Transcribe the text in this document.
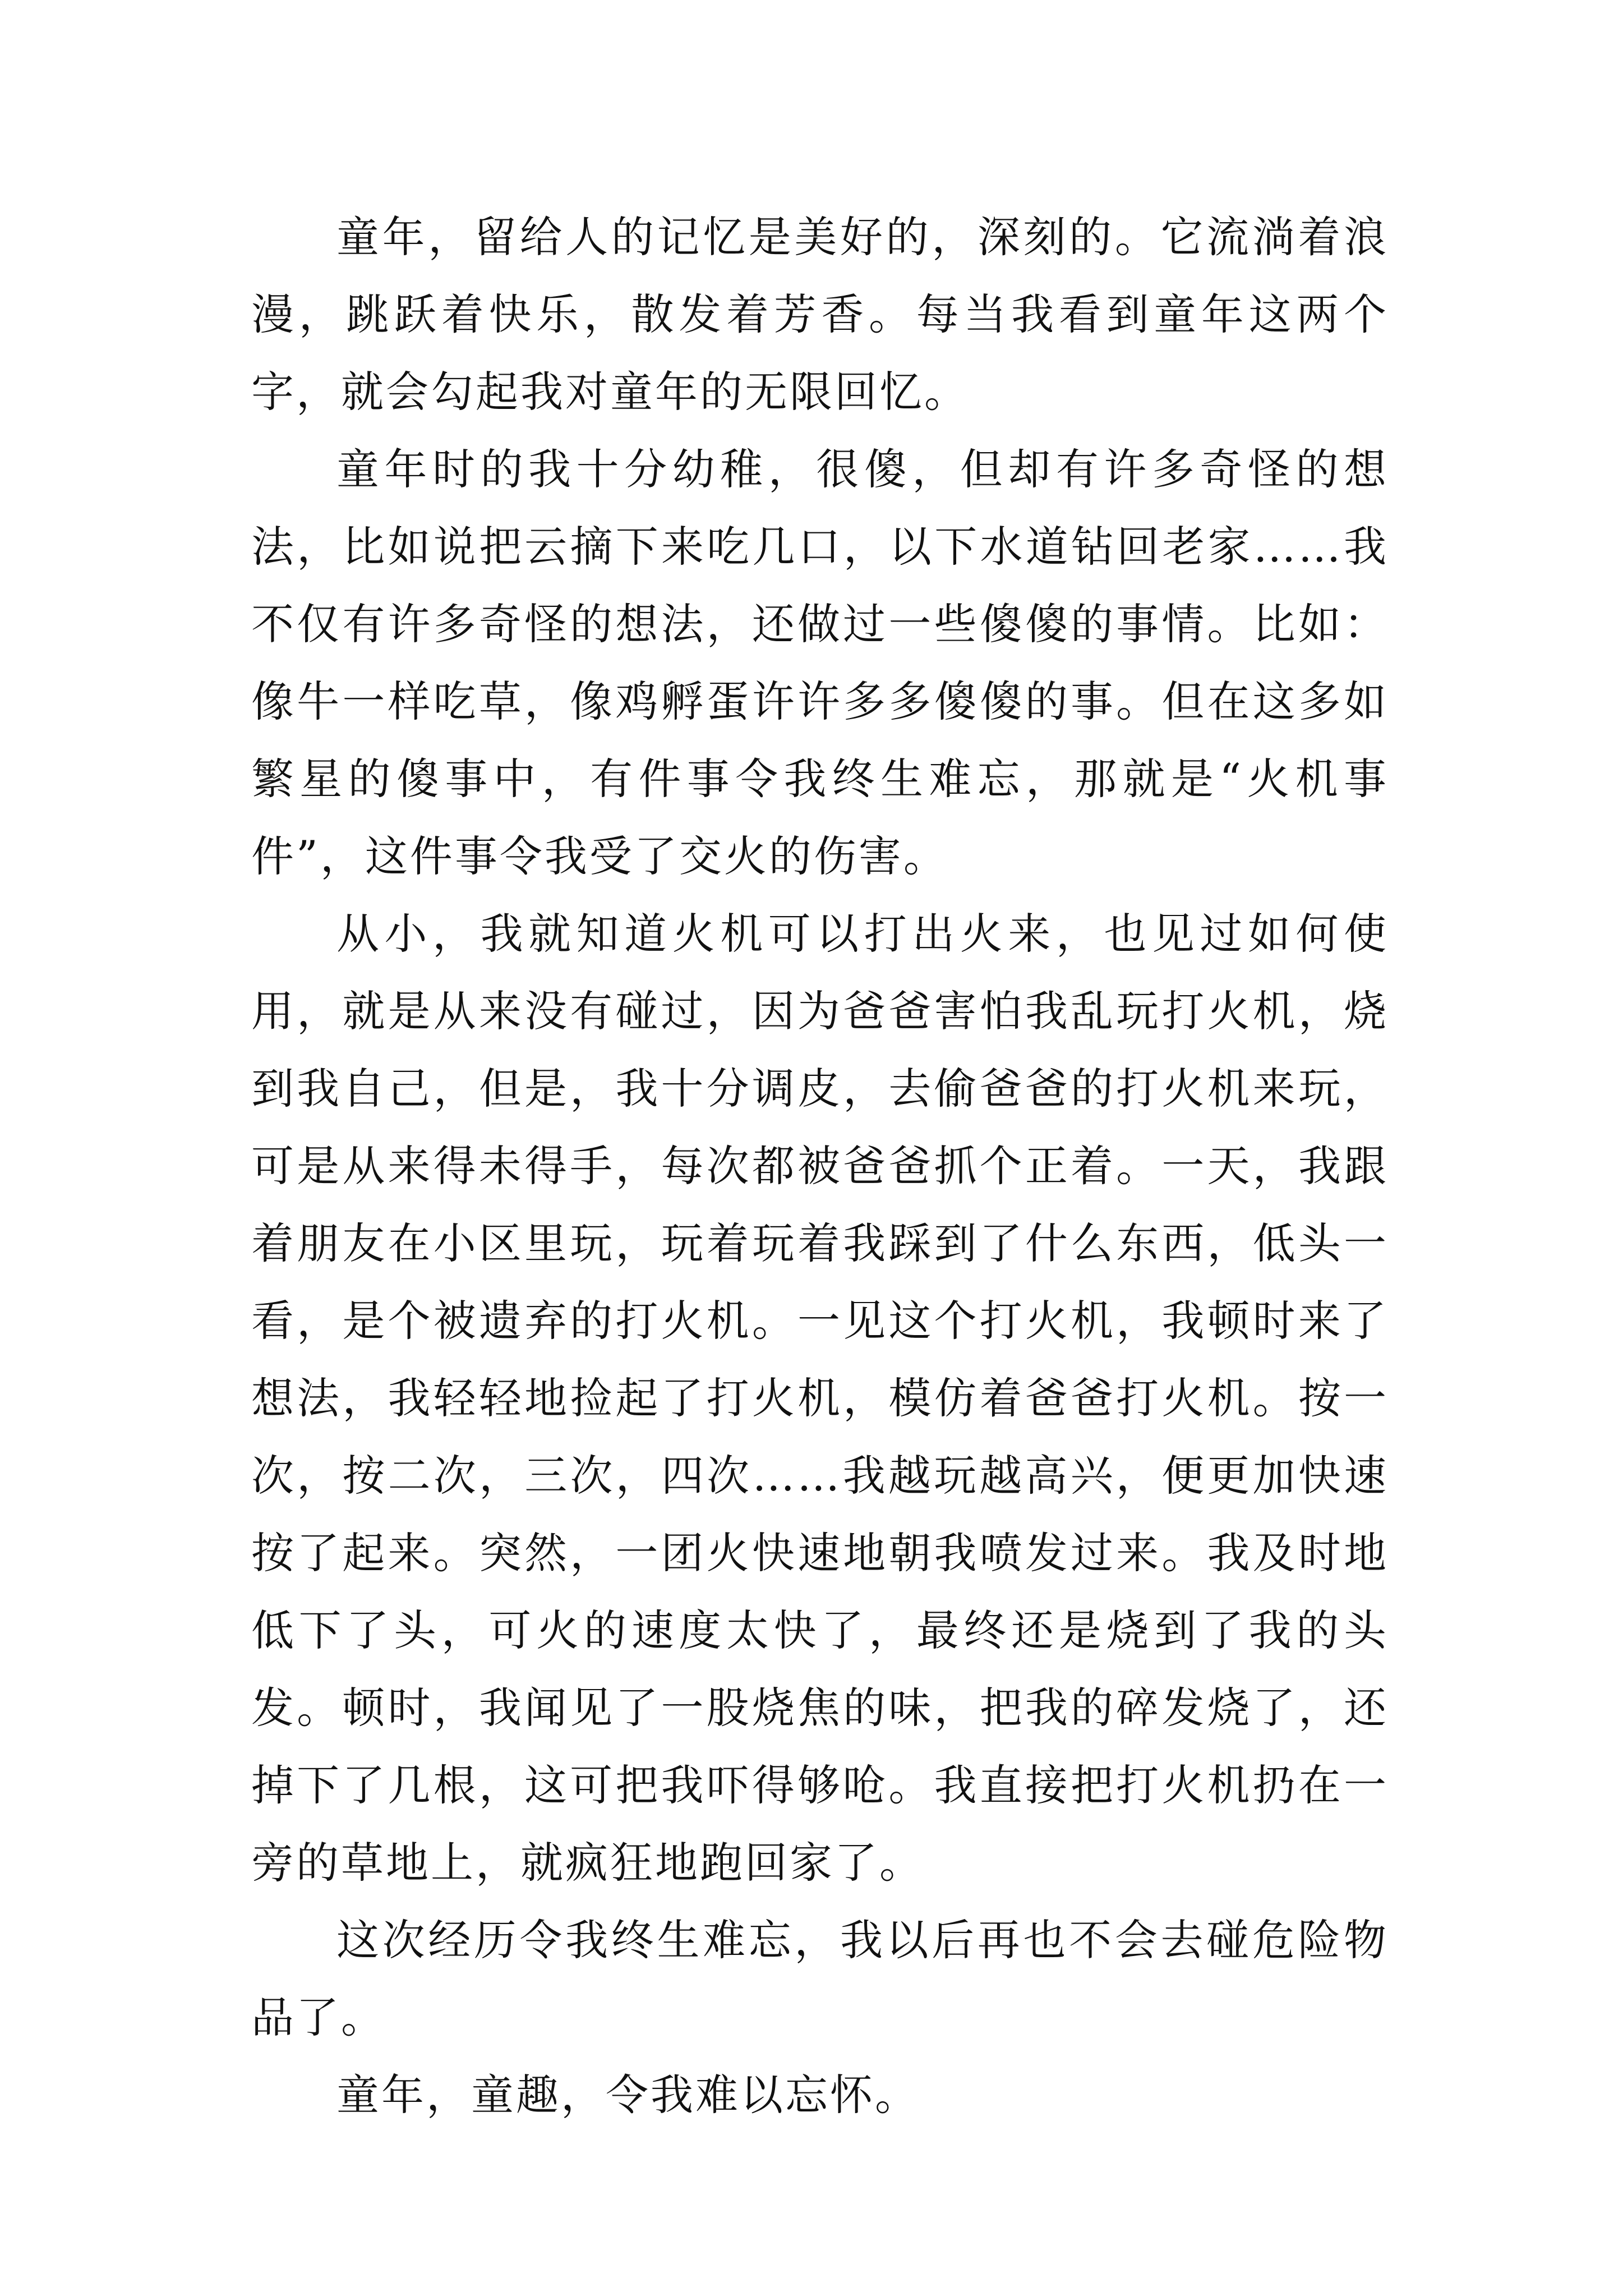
童年，留给人的记忆是美好的，深刻的。它流淌着浪漫，跳跃着快乐，散发着芳香。每当我看到童年这两个字，就会勾起我对童年的无限回忆。

童年时的我十分幼稚，很傻，但却有许多奇怪的想法，比如说把云摘下来吃几口，以下水道钻回老家……我不仅有许多奇怪的想法，还做过一些傻傻的事情。比如：像牛一样吃草，像鸡孵蛋许许多多傻傻的事。但在这多如繁星的傻事中，有件事令我终生难忘，那就是“火机事件”，这件事令我受了交火的伤害。

从小，我就知道火机可以打出火来，也见过如何使用，就是从来没有碰过，因为爸爸害怕我乱玩打火机，烧到我自己，但是，我十分调皮，去偷爸爸的打火机来玩，可是从来得未得手，每次都被爸爸抓个正着。一天，我跟着朋友在小区里玩，玩着玩着我踩到了什么东西，低头一看，是个被遗弃的打火机。一见这个打火机，我顿时来了想法，我轻轻地捡起了打火机，模仿着爸爸打火机。按一次，按二次，三次，四次……我越玩越高兴，便更加快速按了起来。突然，一团火快速地朝我喷发过来。我及时地低下了头，可火的速度太快了，最终还是烧到了我的头发。顿时，我闻见了一股烧焦的味，把我的碎发烧了，还掉下了几根，这可把我吓得够呛。我直接把打火机扔在一旁的草地上，就疯狂地跑回家了。

这次经历令我终生难忘，我以后再也不会去碰危险物品了。

童年，童趣，令我难以忘怀。
